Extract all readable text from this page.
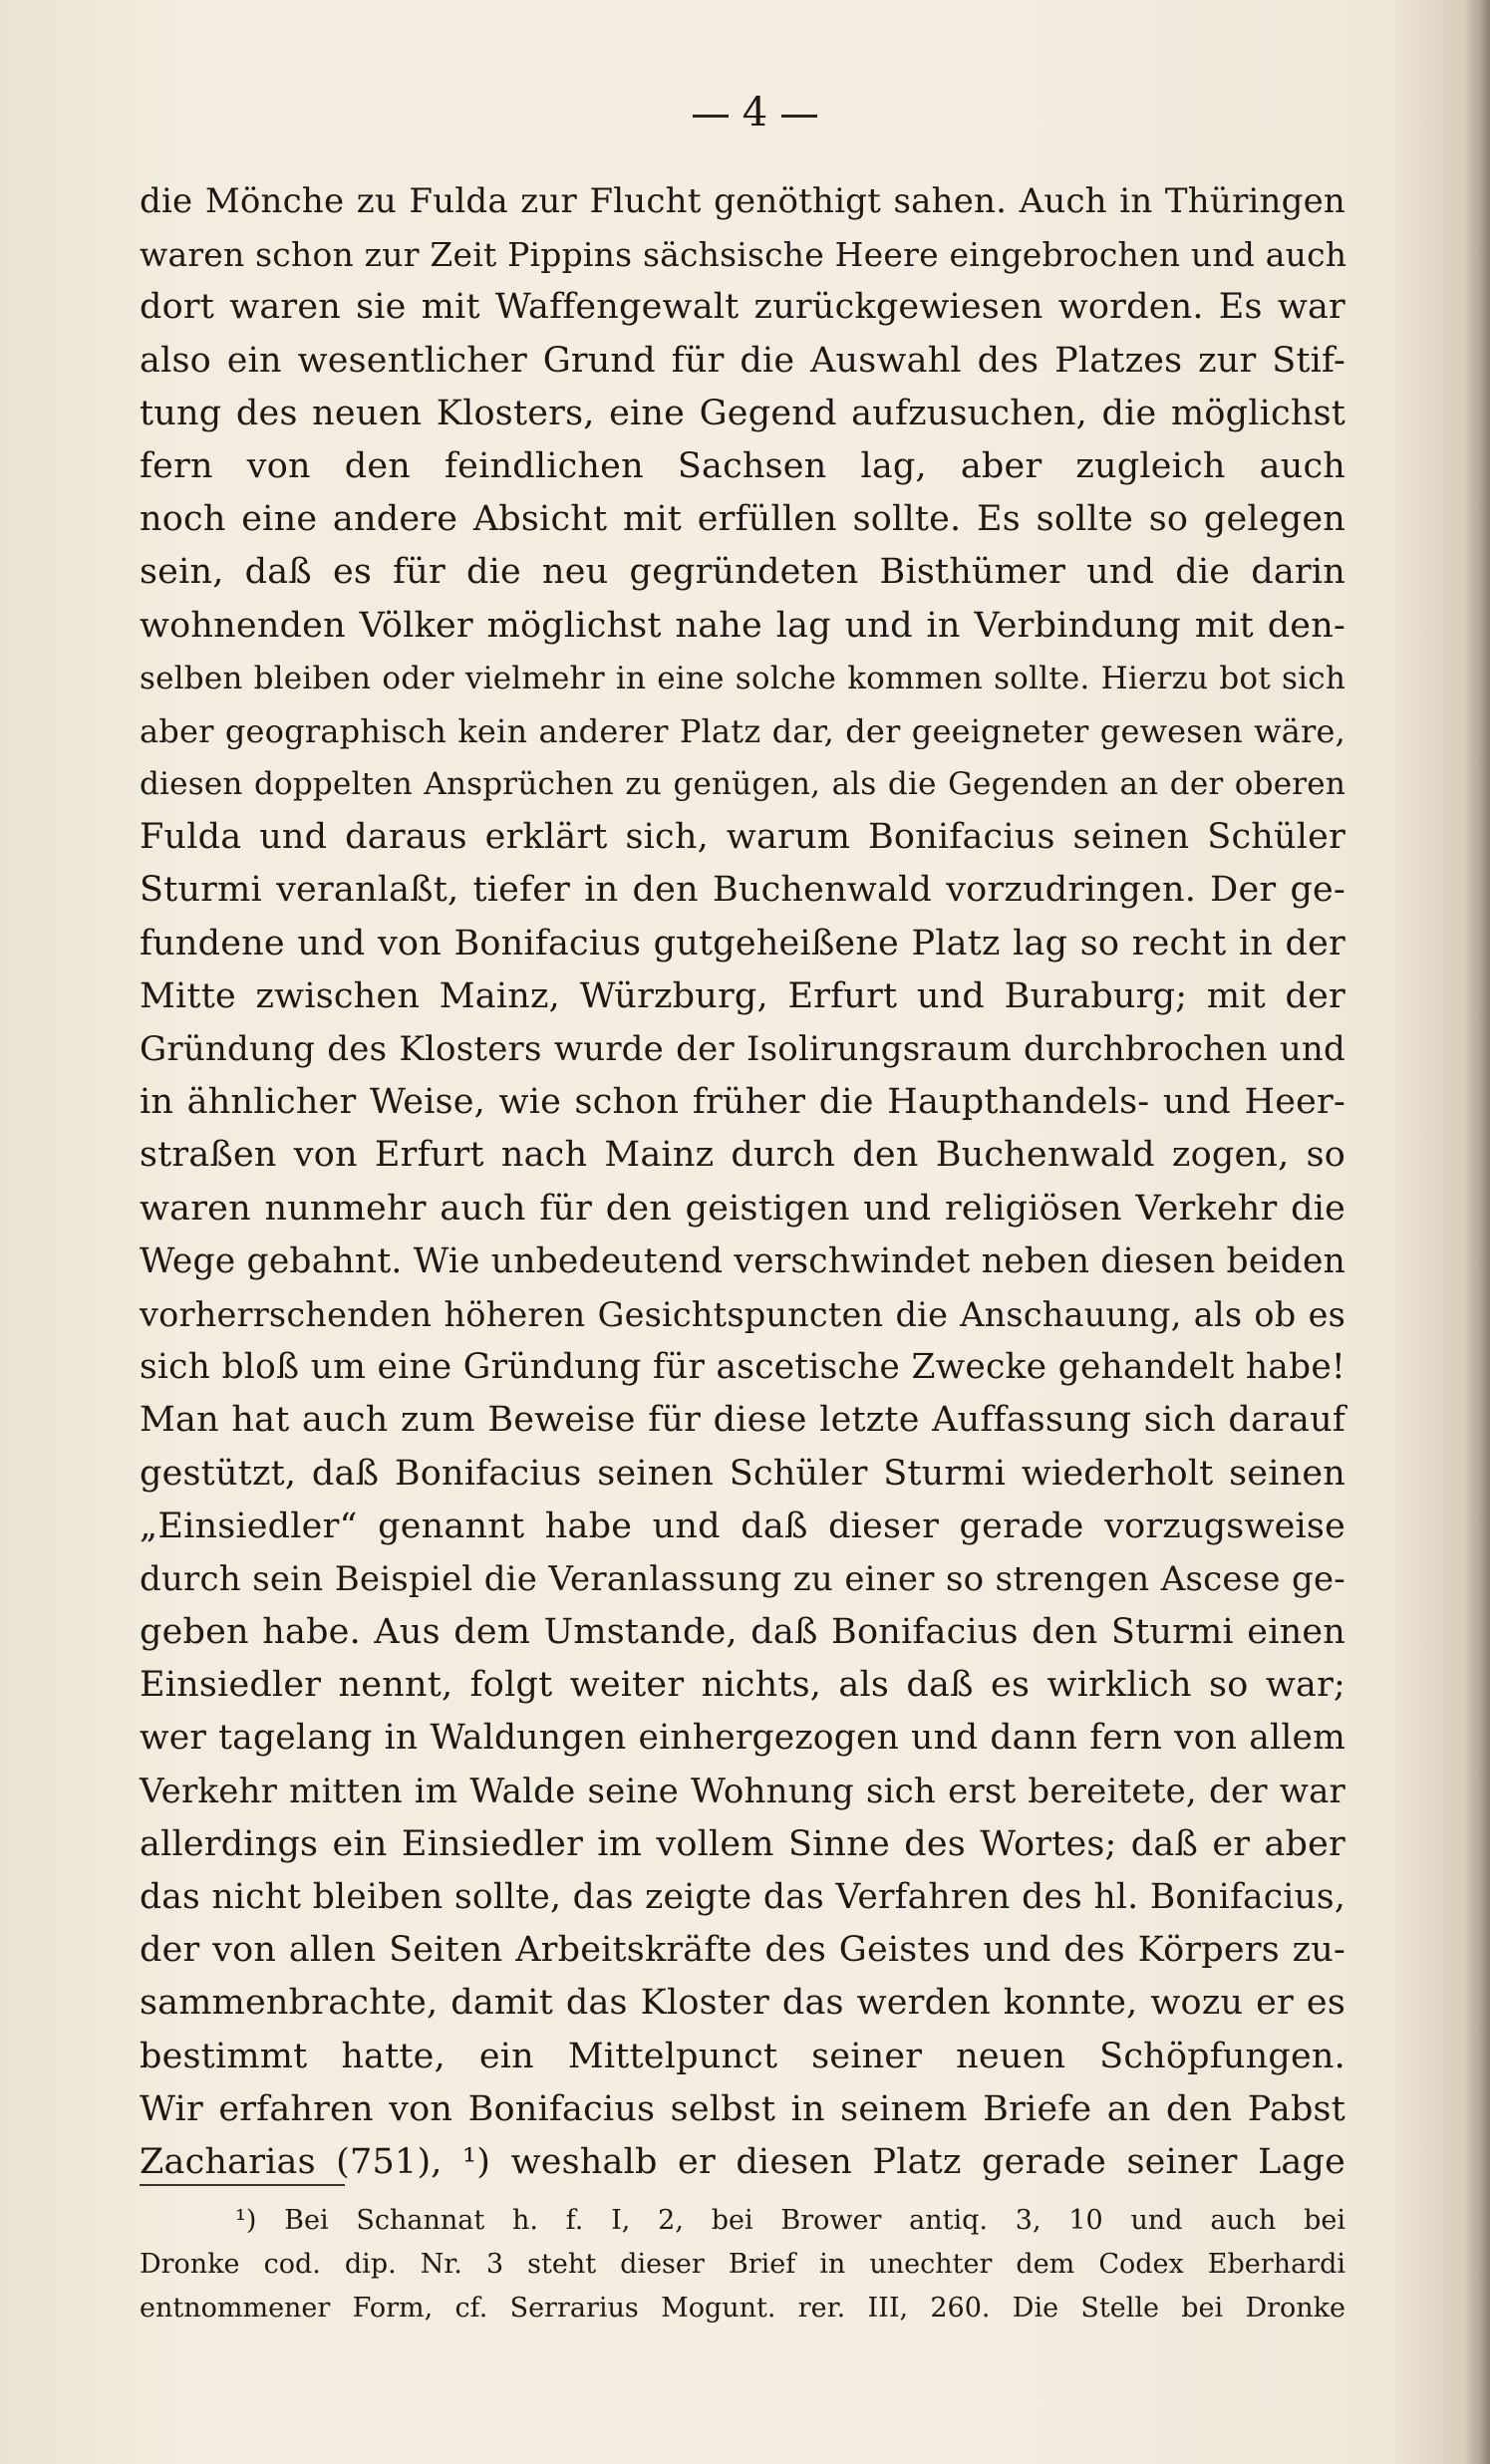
4
die Mönche zu Fulda zur Flucht genöthigt sahen. Auch in Thüringen
waren schon zur Zeit Pippins sächsische Heere eingebrochen und auch
dort waren sie mit Waffengewalt zurückgewiesen worden. Es war
also ein wesentlicher Grund für die Auswahl des Platzes zur Stif-
tung des neuen Klosters, eine Gegend aufzusuchen, die möglichst
fern von den feindlichen Sachsen lag, aber zugleich auch
noch eine andere Absicht mit erfüllen sollte. Es sollte so gelegen
sein, daß es für die neu gegründeten Bisthümer und die darin
wohnenden Völker möglichst nahe lag und in Verbindung mit den-
selben bleiben oder vielmehr in eine solche kommen sollte. Hierzu bot sich
aber geographisch kein anderer Platz dar, der geeigneter gewesen wäre,
diesen doppelten Ansprüchen zu genügen, als die Gegenden an der oberen
Fulda und daraus erklärt sich, warum Bonifacius seinen Schüler
Sturmi veranlaßt, tiefer in den Buchenwald vorzudringen. Der ge-
fundene und von Bonifacius gutgeheißene Platz lag so recht in der
Mitte zwischen Mainz, Würzburg, Erfurt und Buraburg; mit der
Gründung des Klosters wurde der Isolirungsraum durchbrochen und
in ähnlicher Weise, wie schon früher die Haupthandels- und Heer-
straßen von Erfurt nach Mainz durch den Buchenwald zogen, so
waren nunmehr auch für den geistigen und religiösen Verkehr die
Wege gebahnt. Wie unbedeutend verschwindet neben diesen beiden
vorherrschenden höheren Gesichtspuncten die Anschauung, als ob es
sich bloß um eine Gründung für ascetische Zwecke gehandelt habe!
Man hat auch zum Beweise für diese letzte Auffassung sich darauf
gestützt, daß Bonifacius seinen Schüler Sturmi wiederholt seinen
„Einsiedler“ genannt habe und daß dieser gerade vorzugsweise
durch sein Beispiel die Veranlassung zu einer so strengen Ascese ge-
geben habe. Aus dem Umstande, daß Bonifacius den Sturmi einen
Einsiedler nennt, folgt weiter nichts, als daß es wirklich so war;
wer tagelang in Waldungen einhergezogen und dann fern von allem
Verkehr mitten im Walde seine Wohnung sich erst bereitete, der war
allerdings ein Einsiedler im vollem Sinne des Wortes; daß er aber
das nicht bleiben sollte, das zeigte das Verfahren des hl. Bonifacius,
der von allen Seiten Arbeitskräfte des Geistes und des Körpers zu-
sammenbrachte, damit das Kloster das werden konnte, wozu er es
bestimmt hatte, ein Mittelpunct seiner neuen Schöpfungen.
Wir erfahren von Bonifacius selbst in seinem Briefe an den Pabst
Zacharias (751), ¹) weshalb er diesen Platz gerade seiner Lage
¹) Bei Schannat h. f. I, 2, bei Brower antiq. 3, 10 und auch bei
Dronke cod. dip. Nr. 3 steht dieser Brief in unechter dem Codex Eberhardi
entnommener Form, cf. Serrarius Mogunt. rer. III, 260. Die Stelle bei Dronke
